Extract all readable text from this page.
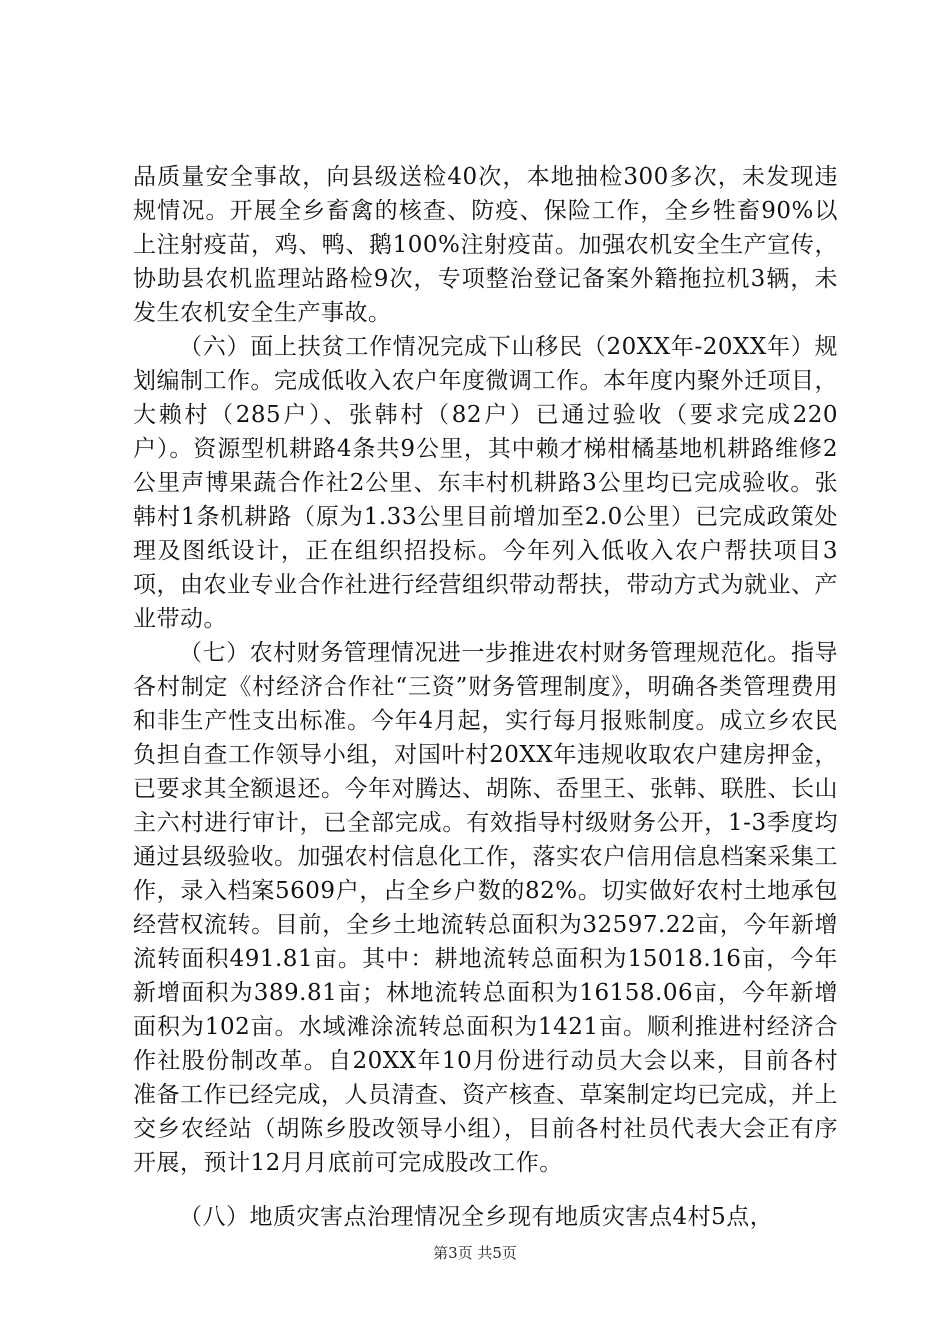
品质量安全事故，向县级送检40次，本地抽检300多次，未发现违规情况。开展全乡畜禽的核查、防疫、保险工作，全乡牲畜90%以上注射疫苗，鸡、鸭、鹅100%注射疫苗。加强农机安全生产宣传，协助县农机监理站路检9次，专项整治登记备案外籍拖拉机3辆，未发生农机安全生产事故。

（六）面上扶贫工作情况完成下山移民（20XX年-20XX年）规划编制工作。完成低收入农户年度微调工作。本年度内聚外迁项目，大赖村（285户）、张韩村（82户）已通过验收（要求完成220户）。资源型机耕路4条共9公里，其中赖才梯柑橘基地机耕路维修2公里声博果蔬合作社2公里、东丰村机耕路3公里均已完成验收。张韩村1条机耕路（原为1.33公里目前增加至2.0公里）已完成政策处理及图纸设计，正在组织招投标。今年列入低收入农户帮扶项目3项，由农业专业合作社进行经营组织带动帮扶，带动方式为就业、产业带动。

（七）农村财务管理情况进一步推进农村财务管理规范化。指导各村制定《村经济合作社“三资”财务管理制度》，明确各类管理费用和非生产性支出标准。今年4月起，实行每月报账制度。成立乡农民负担自查工作领导小组，对国叶村20XX年违规收取农户建房押金，已要求其全额退还。今年对腾达、胡陈、岙里王、张韩、联胜、长山主六村进行审计，已全部完成。有效指导村级财务公开，1-3季度均通过县级验收。加强农村信息化工作，落实农户信用信息档案采集工作，录入档案5609户，占全乡户数的82%。切实做好农村土地承包经营权流转。目前，全乡土地流转总面积为32597.22亩，今年新增流转面积491.81亩。其中：耕地流转总面积为15018.16亩，今年新增面积为389.81亩；林地流转总面积为16158.06亩，今年新增面积为102亩。水域滩涂流转总面积为1421亩。顺利推进村经济合作社股份制改革。自20XX年10月份进行动员大会以来，目前各村准备工作已经完成，人员清查、资产核查、草案制定均已完成，并上交乡农经站（胡陈乡股改领导小组），目前各村社员代表大会正有序开展，预计12月月底前可完成股改工作。

（八）地质灾害点治理情况全乡现有地质灾害点4村5点，

第3页 共5页
